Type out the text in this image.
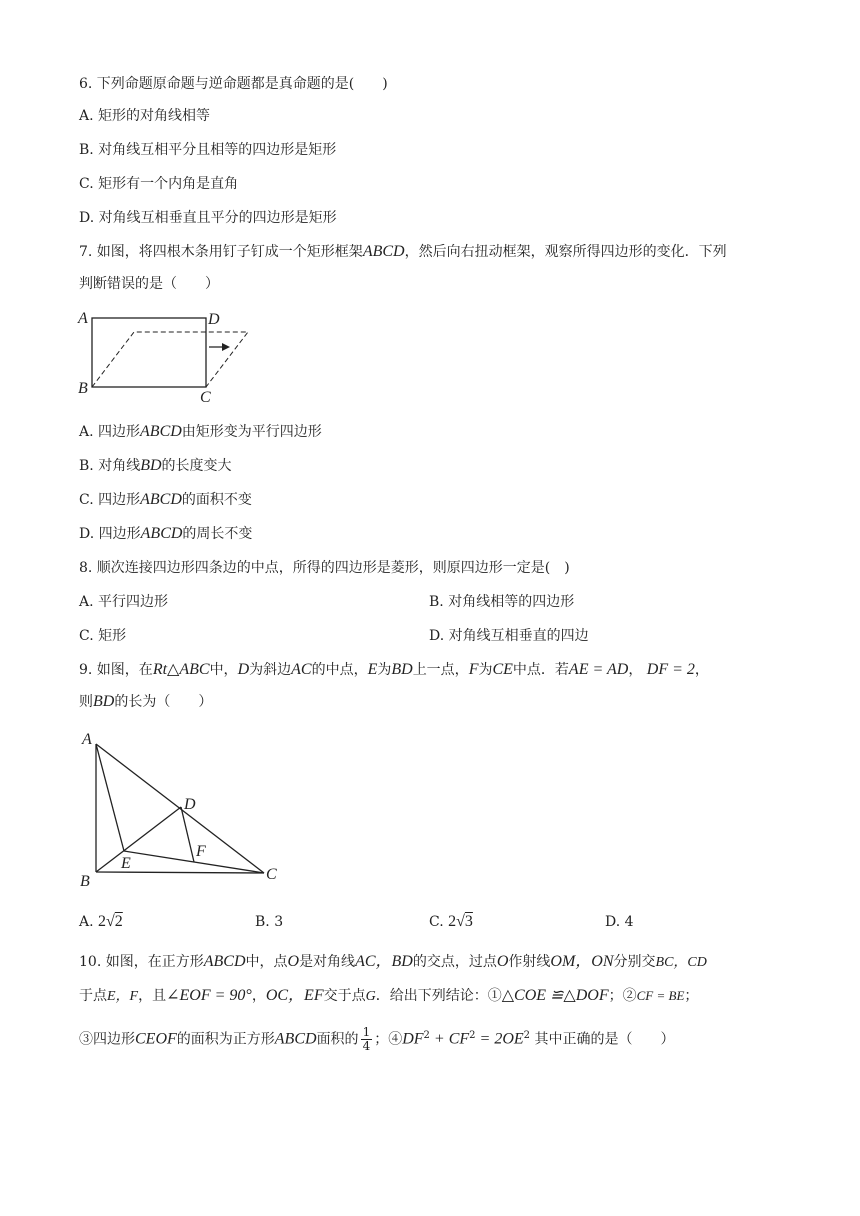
6. 下列命题原命题与逆命题都是真命题的是(　　)
A. 矩形的对角线相等
B. 对角线互相平分且相等的四边形是矩形
C. 矩形有一个内角是直角
D. 对角线互相垂直且平分的四边形是矩形
7. 如图，将四根木条用钉子钉成一个矩形框架ABCD，然后向右扭动框架，观察所得四边形的变化．下列
判断错误的是（　　）
A	D
B
C
A. 四边形ABCD由矩形变为平行四边形
B. 对角线BD的长度变大
C. 四边形ABCD的面积不变
D. 四边形ABCD的周长不变
8. 顺次连接四边形四条边的中点，所得的四边形是菱形，则原四边形一定是(　)
A. 平行四边形	B. 对角线相等的四边形
C. 矩形	D. 对角线互相垂直的四边
9. 如图，在Rt△ABC中，D为斜边AC的中点，E为BD上一点，F为CE中点．若AE = AD， DF = 2，
则BD的长为（　　）
A
B	C
D
E
F
A. 2√2	B. 3	C. 2√3	D. 4
10. 如图，在正方形ABCD中，点O是对角线AC，BD的交点，过点O作射线OM，ON分别交BC，CD
于点E，F，且∠EOF = 90°，OC，EF交于点G．给出下列结论：①△COE ≌△DOF；②CF = BE；
③四边形CEOF的面积为正方形ABCD面积的 $\frac{1}{4}$ ；$④DF^2 + CF^2 = 2OE^2$ 其中正确的是（　　）
